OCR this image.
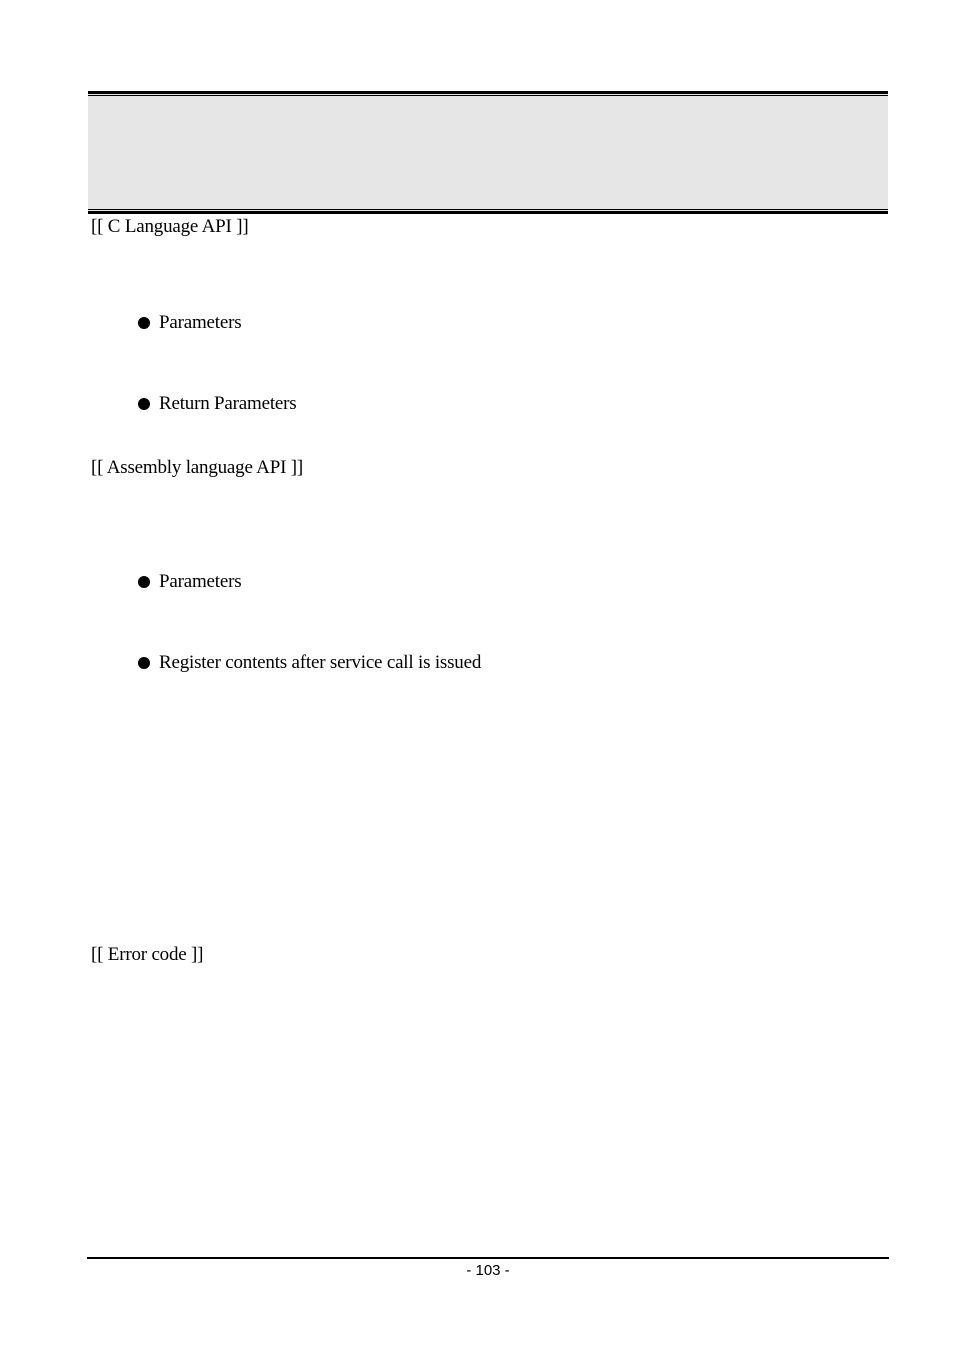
[[ C Language API ]]
Parameters
Return Parameters
[[ Assembly language API ]]
Parameters
Register contents after service call is issued
[[ Error code ]]
- 103 -
